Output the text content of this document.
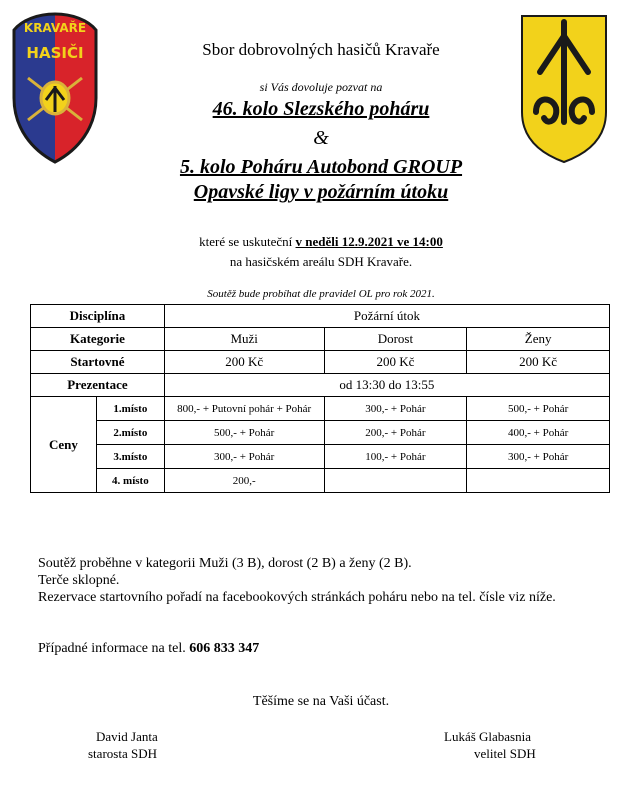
KRAVAŘE
HASIČI	Sbor dobrovolných hasičů Kravaře
si Vás dovoluje pozvat na
46. kolo Slezského poháru
&
5. kolo Poháru Autobond GROUP
Opavské ligy v požárním útoku
které se uskuteční v neděli 12.9.2021 ve 14:00
na hasičském areálu SDH Kravaře.
Soutěž bude probíhat dle pravidel OL pro rok 2021.
Disciplína		Požární útok		
Kategorie		Muži	Dorost	Ženy
Startovné		200 Kč	200 Kč	200 Kč
Prezentace		od 13:30 do 13:55		
Ceny	1.místo	800,- + Putovní pohár + Pohár	300,- + Pohár	500,- + Pohár
	2.místo	500,- + Pohár	200,- + Pohár	400,- + Pohár
	3.místo	300,- + Pohár	100,- + Pohár	300,- + Pohár
	4. místo	200,-		
Soutěž proběhne v kategorii Muži (3 B), dorost (2 B) a ženy (2 B).
Terče sklopné.
Rezervace startovního pořadí na facebookových stránkách poháru nebo na tel. čísle viz níže.
Případné informace na tel. 606 833 347
Těšíme se na Vaši účast.
David Janta
starosta SDH
Lukáš Glabasnia
velitel SDH
